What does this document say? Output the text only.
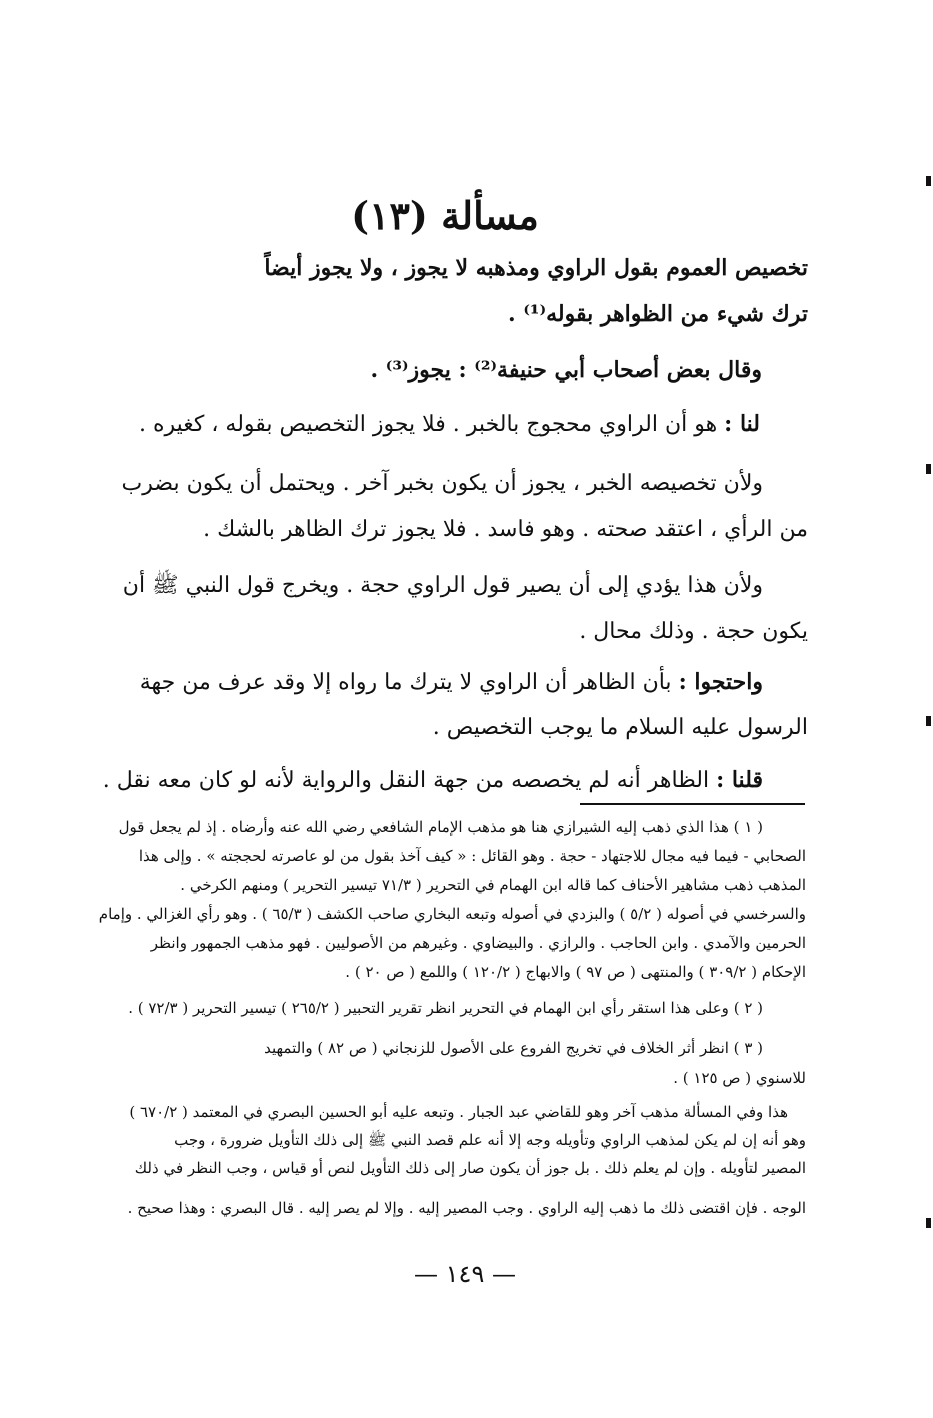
مسألة (١٣)
تخصيص العموم بقول الراوي ومذهبه لا يجوز ، ولا يجوز أيضاً
ترك شيء من الظواهر بقوله⁽¹⁾ .
وقال بعض أصحاب أبي حنيفة⁽²⁾ : يجوز⁽³⁾ .
لنا : هو أن الراوي محجوج بالخبر . فلا يجوز التخصيص بقوله ، كغيره .
ولأن تخصيصه الخبر ، يجوز أن يكون بخبر آخر . ويحتمل أن يكون بضرب
من الرأي ، اعتقد صحته . وهو فاسد . فلا يجوز ترك الظاهر بالشك .
ولأن هذا يؤدي إلى أن يصير قول الراوي حجة . ويخرج قول النبي ﷺ أن
يكون حجة . وذلك محال .
واحتجوا : بأن الظاهر أن الراوي لا يترك ما رواه إلا وقد عرف من جهة
الرسول عليه السلام ما يوجب التخصيص .
قلنا : الظاهر أنه لم يخصصه من جهة النقل والرواية لأنه لو كان معه نقل .
( ١ ) هذا الذي ذهب إليه الشيرازي هنا هو مذهب الإمام الشافعي رضي الله عنه وأرضاه . إذ لم يجعل قول
الصحابي - فيما فيه مجال للاجتهاد - حجة . وهو القائل : « كيف آخذ بقول من لو عاصرته لحججته » . وإلى هذا
المذهب ذهب مشاهير الأحناف كما قاله ابن الهمام في التحرير ( ٧١/٣ تيسير التحرير ) ومنهم الكرخي .
والسرخسي في أصوله ( ٥/٢ ) والبزدي في أصوله وتبعه البخاري صاحب الكشف ( ٦٥/٣ ) . وهو رأي الغزالي . وإمام
الحرمين والآمدي . وابن الحاجب . والرازي . والبيضاوي . وغيرهم من الأصوليين . فهو مذهب الجمهور وانظر
الإحكام ( ٣٠٩/٢ ) والمنتهى ( ص ٩٧ ) والابهاج ( ١٢٠/٢ ) واللمع ( ص ٢٠ ) .
( ٢ ) وعلى هذا استقر رأي ابن الهمام في التحرير انظر تقرير التحبير ( ٢٦٥/٢ ) تيسير التحرير ( ٧٢/٣ ) .
( ٣ ) انظر أثر الخلاف في تخريج الفروع على الأصول للزنجاني ( ص ٨٢ ) والتمهيد
للاسنوي ( ص ١٢٥ ) .
هذا وفي المسألة مذهب آخر وهو للقاضي عبد الجبار . وتبعه عليه أبو الحسين البصري في المعتمد ( ٦٧٠/٢ )
وهو أنه إن لم يكن لمذهب الراوي وتأويله وجه إلا أنه علم قصد النبي ﷺ إلى ذلك التأويل ضرورة ، وجب
المصير لتأويله . وإن لم يعلم ذلك . بل جوز أن يكون صار إلى ذلك التأويل لنص أو قياس ، وجب النظر في ذلك
الوجه . فإن اقتضى ذلك ما ذهب إليه الراوي . وجب المصير إليه . وإلا لم يصر إليه . قال البصري : وهذا صحيح .
— ١٤٩ —
